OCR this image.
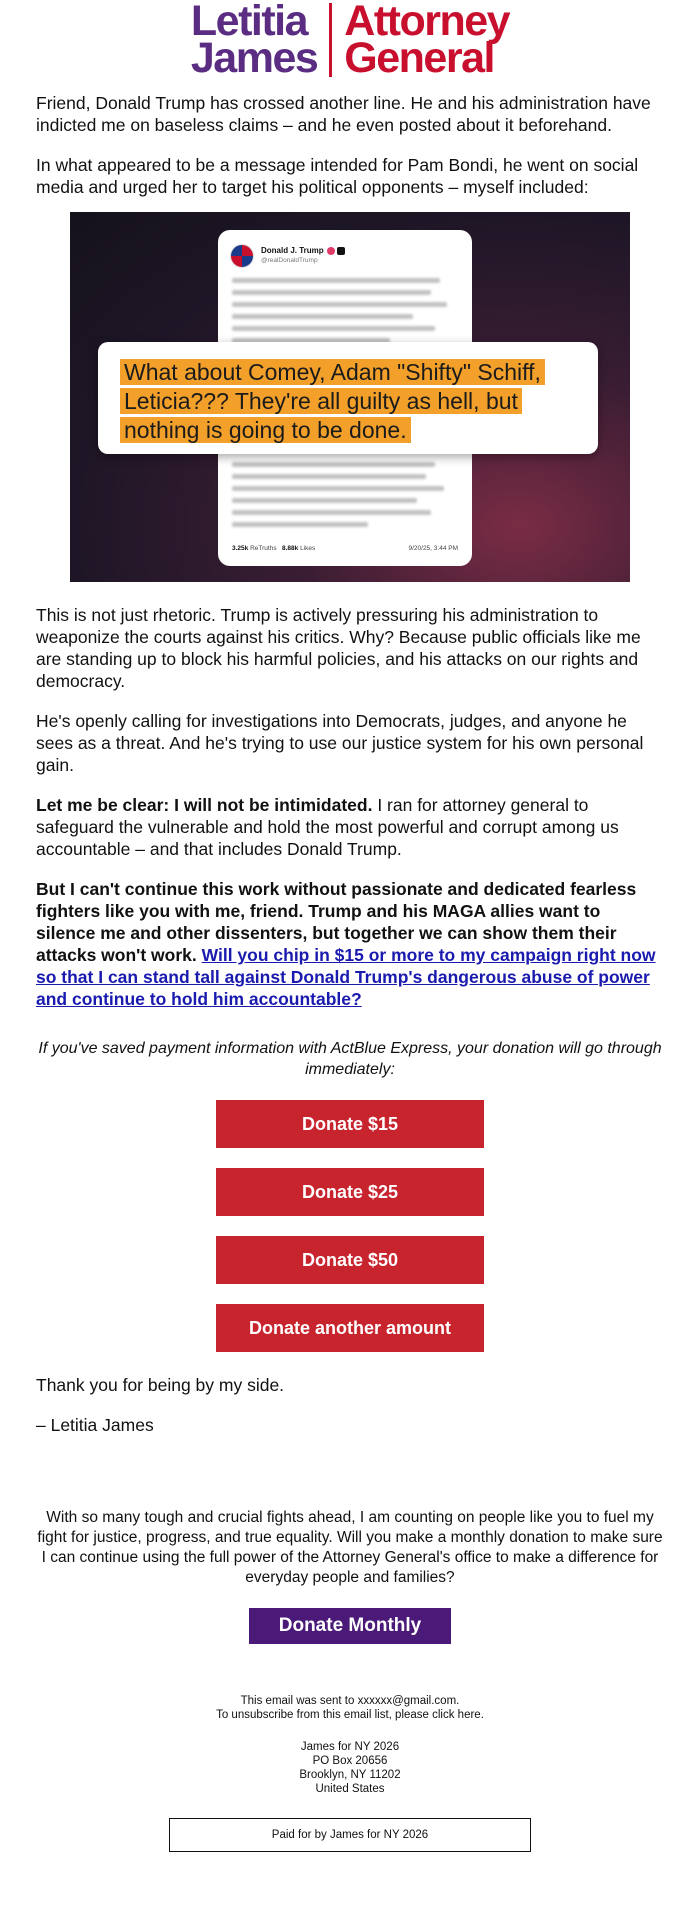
Letitia
James
Attorney
General

Friend, Donald Trump has crossed another line. He and his administration have indicted me on baseless claims – and he even posted about it beforehand.

In what appeared to be a message intended for Pam Bondi, he went on social media and urged her to target his political opponents – myself included:

Donald J. Trump
@realDonaldTrump
3.25k ReTruths 8.88k Likes	9/20/25, 3:44 PM
What about Comey, Adam "Shifty" Schiff, Leticia??? They're all guilty as hell, but nothing is going to be done.

This is not just rhetoric. Trump is actively pressuring his administration to weaponize the courts against his critics. Why? Because public officials like me are standing up to block his harmful policies, and his attacks on our rights and democracy.

He's openly calling for investigations into Democrats, judges, and anyone he sees as a threat. And he's trying to use our justice system for his own personal gain.

Let me be clear: I will not be intimidated. I ran for attorney general to safeguard the vulnerable and hold the most powerful and corrupt among us accountable – and that includes Donald Trump.

But I can't continue this work without passionate and dedicated fearless fighters like you with me, friend. Trump and his MAGA allies want to silence me and other dissenters, but together we can show them their attacks won't work. Will you chip in $15 or more to my campaign right now so that I can stand tall against Donald Trump's dangerous abuse of power and continue to hold him accountable?

If you've saved payment information with ActBlue Express, your donation will go through immediately:

Donate $15
Donate $25
Donate $50
Donate another amount

Thank you for being by my side.

– Letitia James

With so many tough and crucial fights ahead, I am counting on people like you to fuel my fight for justice, progress, and true equality. Will you make a monthly donation to make sure I can continue using the full power of the Attorney General's office to make a difference for everyday people and families?

Donate Monthly
This email was sent to xxxxxx@gmail.com.
To unsubscribe from this email list, please click here.
James for NY 2026
PO Box 20656
Brooklyn, NY 11202
United States
Paid for by James for NY 2026
